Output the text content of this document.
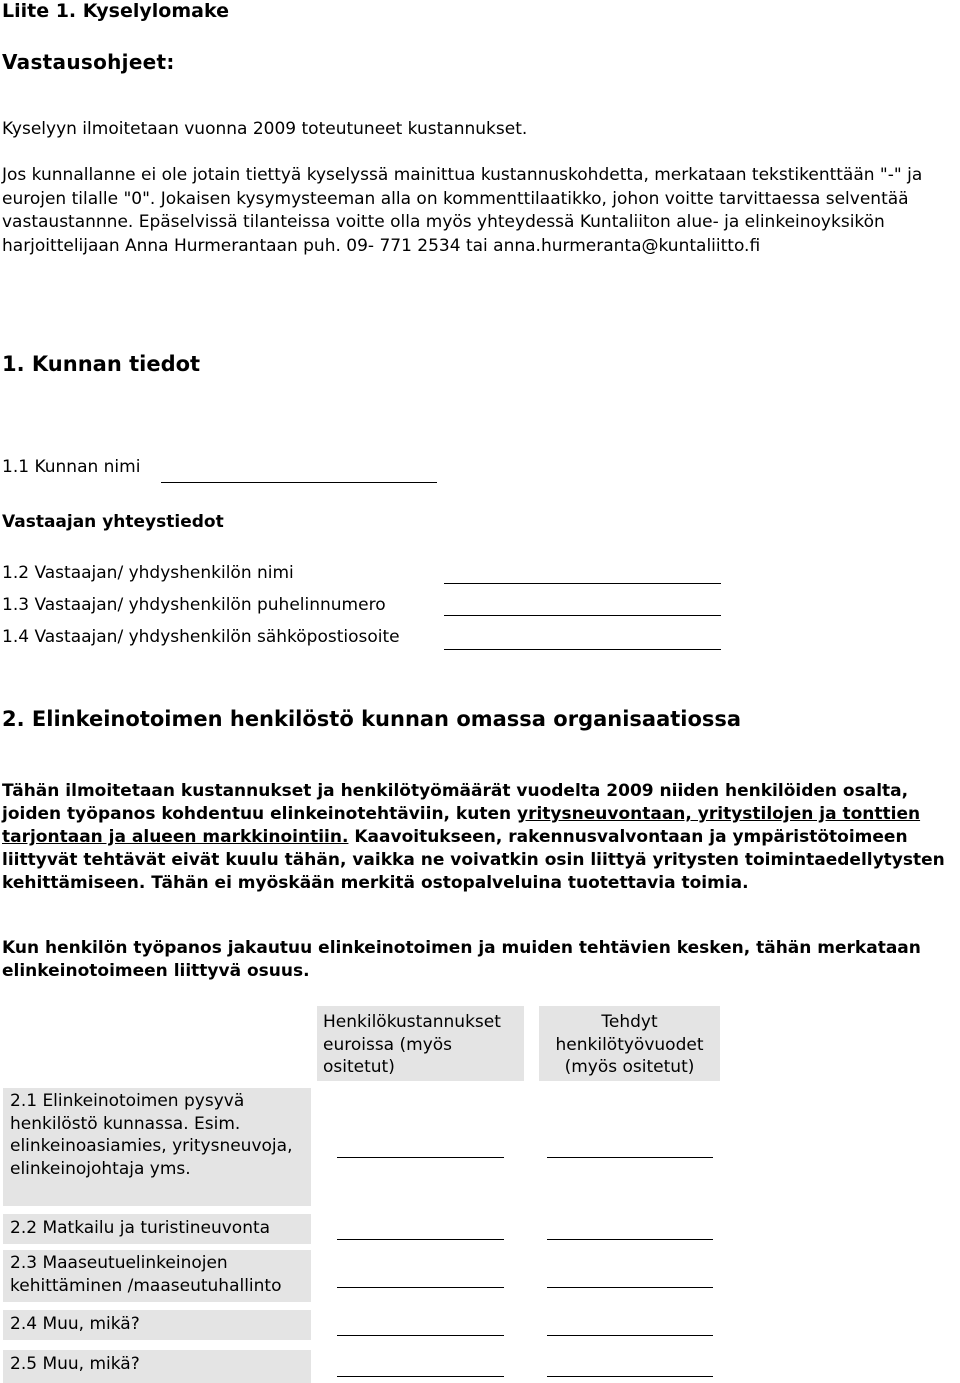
Liite 1. Kyselylomake
Vastausohjeet:
Kyselyyn ilmoitetaan vuonna 2009 toteutuneet kustannukset.
Jos kunnallanne ei ole jotain tiettyä kyselyssä mainittua kustannuskohdetta, merkataan tekstikenttään "-" ja eurojen tilalle "0". Jokaisen kysymysteeman alla on kommenttilaatikko, johon voitte tarvittaessa selventää vastaustannne. Epäselvissä tilanteissa voitte olla myös yhteydessä Kuntaliiton alue- ja elinkeinoyksikön harjoittelijaan Anna Hurmerantaan puh. 09- 771 2534 tai anna.hurmeranta@kuntaliitto.fi
1. Kunnan tiedot
1.1 Kunnan nimi
Vastaajan yhteystiedot
1.2 Vastaajan/ yhdyshenkilön nimi
1.3 Vastaajan/ yhdyshenkilön puhelinnumero
1.4 Vastaajan/ yhdyshenkilön sähköpostiosoite
2. Elinkeinotoimen henkilöstö kunnan omassa organisaatiossa
Tähän ilmoitetaan kustannukset ja henkilötyömäärät vuodelta 2009 niiden henkilöiden osalta, joiden työpanos kohdentuu elinkeinotehtäviin, kuten yritysneuvontaan, yritystilojen ja tonttien tarjontaan ja alueen markkinointiin. Kaavoitukseen, rakennusvalvontaan ja ympäristötoimeen liittyvät tehtävät eivät kuulu tähän, vaikka ne voivatkin osin liittyä yritysten toimintaedellytysten kehittämiseen. Tähän ei myöskään merkitä ostopalveluina tuotettavia toimia.
Kun henkilön työpanos jakautuu elinkeinotoimen ja muiden tehtävien kesken, tähän merkataan elinkeinotoimeen liittyvä osuus.
Henkilökustannukset euroissa (myös ositetut)
Tehdyt henkilötyövuodet (myös ositetut)
2.1 Elinkeinotoimen pysyvä henkilöstö kunnassa. Esim. elinkeinoasiamies, yritysneuvoja, elinkeinojohtaja yms.
2.2 Matkailu ja turistineuvonta
2.3 Maaseutuelinkeinojen kehittäminen /maaseutuhallinto
2.4 Muu, mikä?
2.5 Muu, mikä?
